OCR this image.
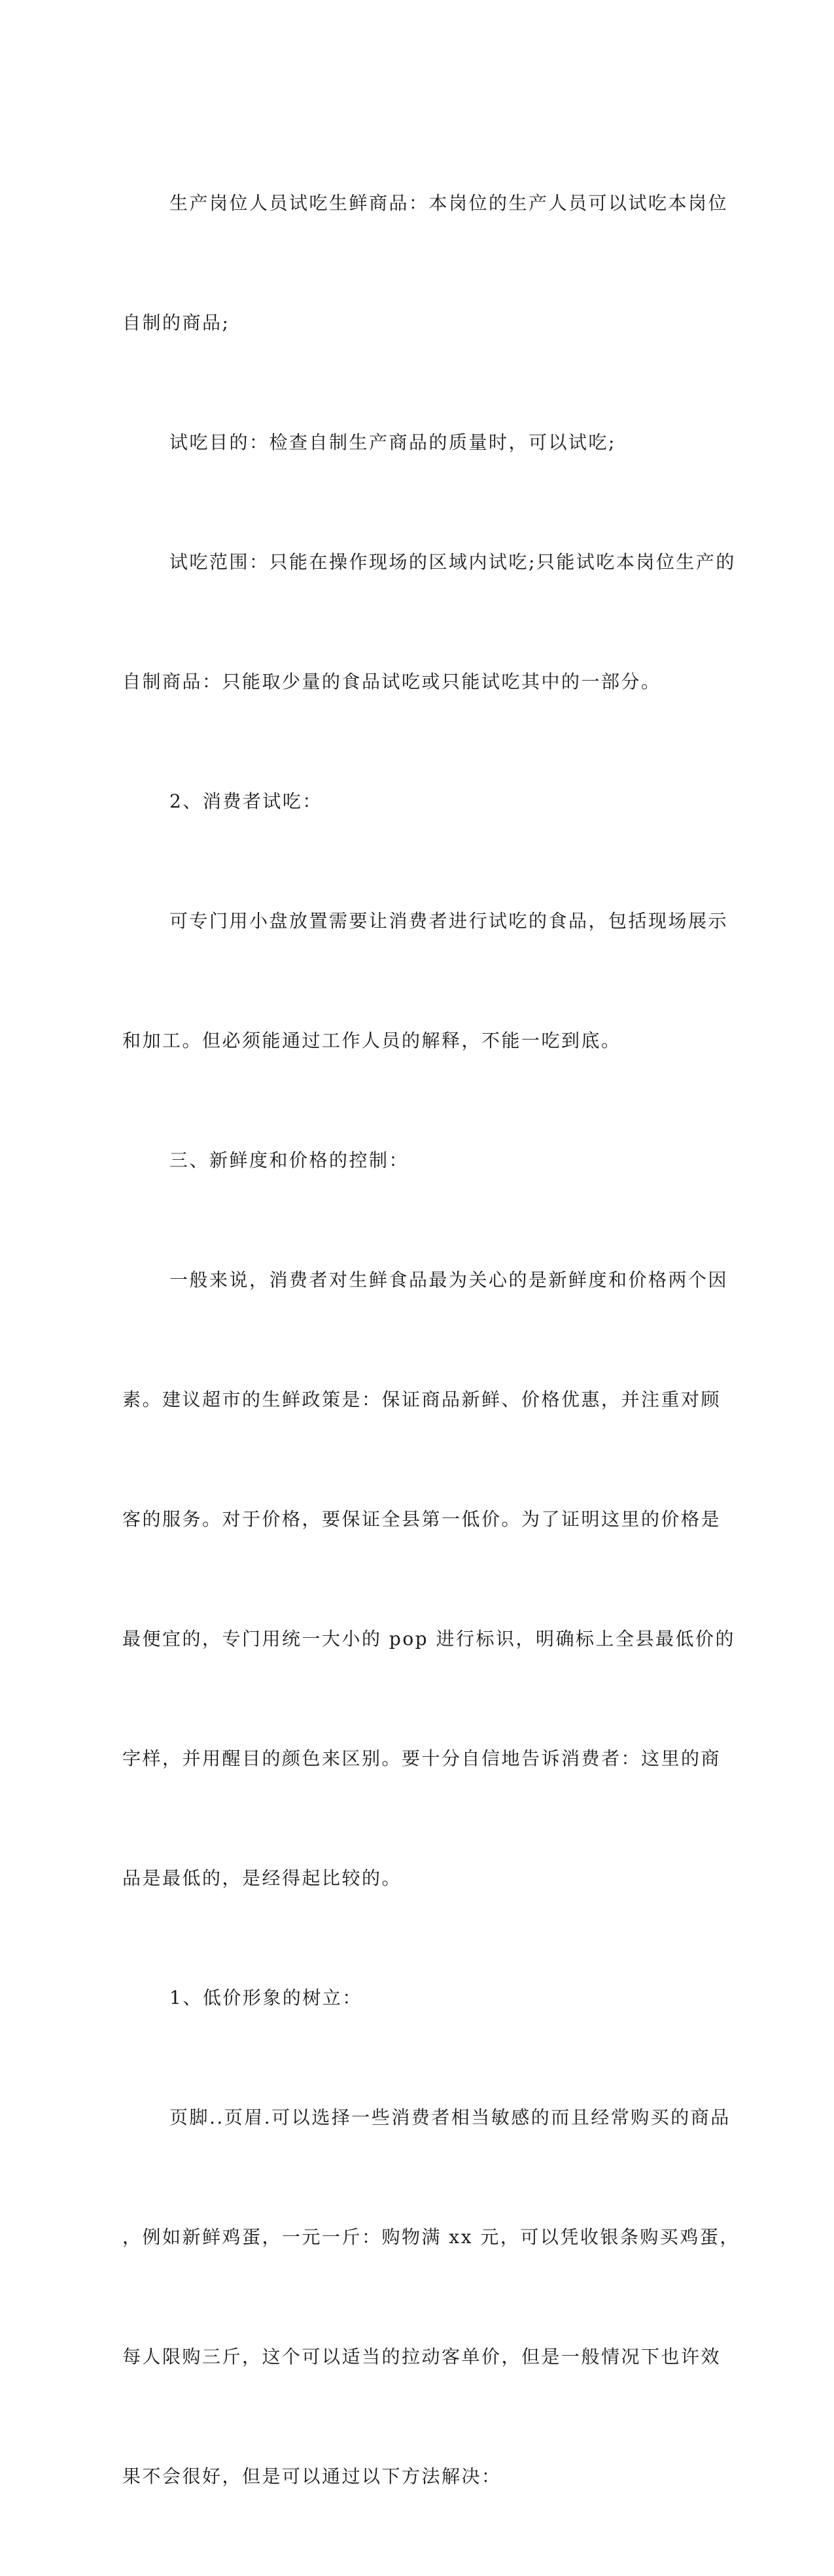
生产岗位人员试吃生鲜商品：本岗位的生产人员可以试吃本岗位

自制的商品;

试吃目的：检查自制生产商品的质量时，可以试吃;

试吃范围：只能在操作现场的区域内试吃;只能试吃本岗位生产的

自制商品：只能取少量的食品试吃或只能试吃其中的一部分。

2、消费者试吃：

可专门用小盘放置需要让消费者进行试吃的食品，包括现场展示

和加工。但必须能通过工作人员的解释，不能一吃到底。

三、新鲜度和价格的控制：

一般来说，消费者对生鲜食品最为关心的是新鲜度和价格两个因

素。建议超市的生鲜政策是：保证商品新鲜、价格优惠，并注重对顾

客的服务。对于价格，要保证全县第一低价。为了证明这里的价格是

最便宜的，专门用统一大小的 pop 进行标识，明确标上全县最低价的

字样，并用醒目的颜色来区别。要十分自信地告诉消费者：这里的商

品是最低的，是经得起比较的。

1、低价形象的树立：

页脚..页眉.可以选择一些消费者相当敏感的而且经常购买的商品

，例如新鲜鸡蛋，一元一斤：购物满 xx 元，可以凭收银条购买鸡蛋，

每人限购三斤，这个可以适当的拉动客单价，但是一般情况下也许效

果不会很好，但是可以通过以下方法解决：
